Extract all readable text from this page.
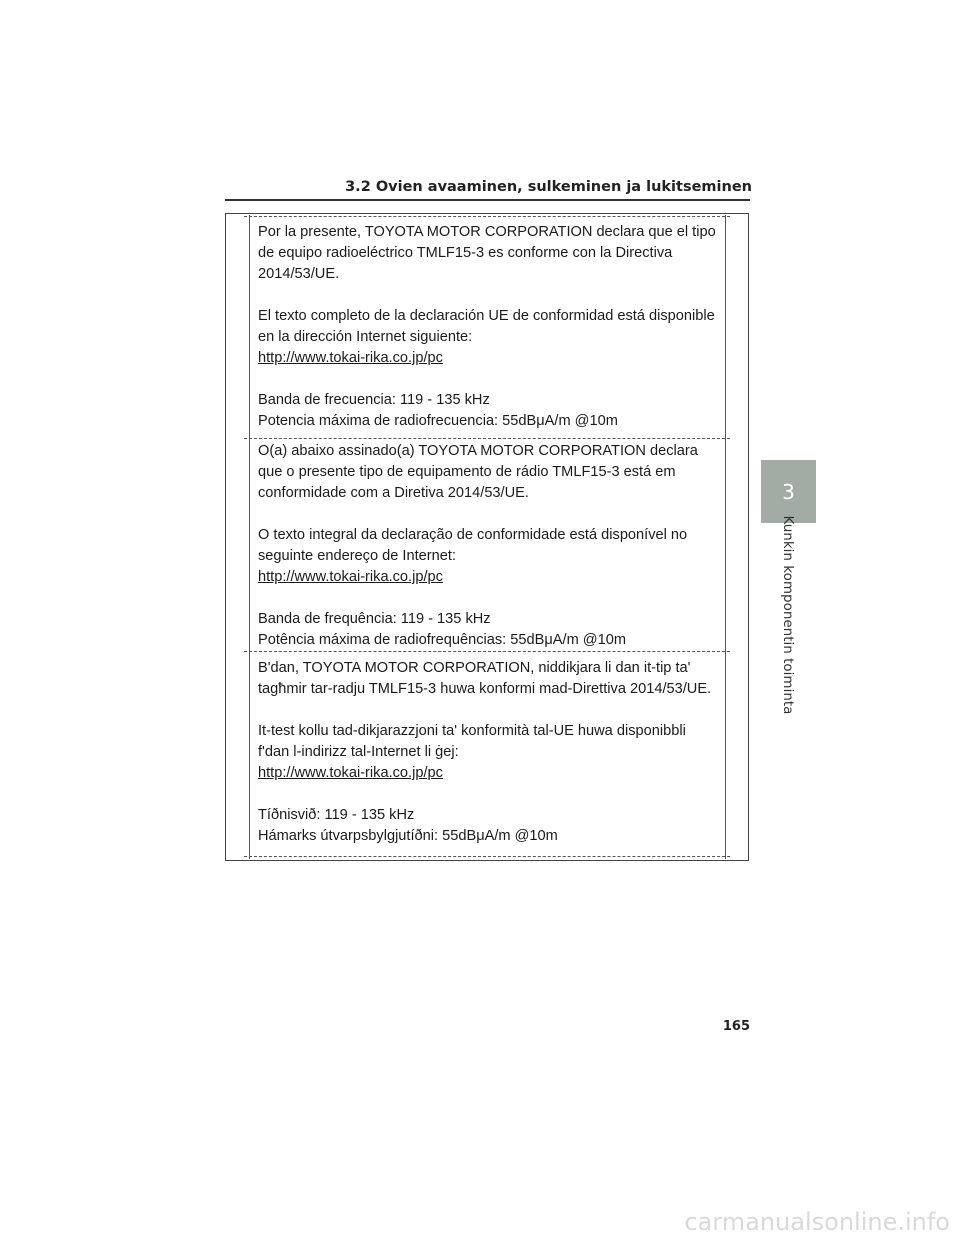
3.2 Ovien avaaminen, sulkeminen ja lukitseminen
3
Kunkin komponentin toiminta

Por la presente, TOYOTA MOTOR CORPORATION declara que el tipo de equipo radioeléctrico TMLF15-3 es conforme con la Directiva 2014/53/UE.

El texto completo de la declaración UE de conformidad está disponible en la dirección Internet siguiente:

http://www.tokai-rika.co.jp/pc

Banda de frecuencia: 119 - 135 kHz

Potencia máxima de radiofrecuencia: 55dBμA/m @10m

O(a) abaixo assinado(a) TOYOTA MOTOR CORPORATION declara que o presente tipo de equipamento de rádio TMLF15-3 está em conformidade com a Diretiva 2014/53/UE.

O texto integral da declaração de conformidade está disponível no seguinte endereço de Internet:

http://www.tokai-rika.co.jp/pc

Banda de frequência: 119 - 135 kHz

Potência máxima de radiofrequências: 55dBμA/m @10m

B'dan, TOYOTA MOTOR CORPORATION, niddikjara li dan it-tip ta' tagħmir tar-radju TMLF15-3 huwa konformi mad-Direttiva 2014/53/UE.

It-test kollu tad-dikjarazzjoni ta' konformità tal-UE huwa disponibbli f'dan l-indirizz tal-Internet li ġej:

http://www.tokai-rika.co.jp/pc

Tíðnisvið: 119 - 135 kHz

Hámarks útvarpsbylgjutíðni: 55dBμA/m @10m

165
carmanualsonline.info
